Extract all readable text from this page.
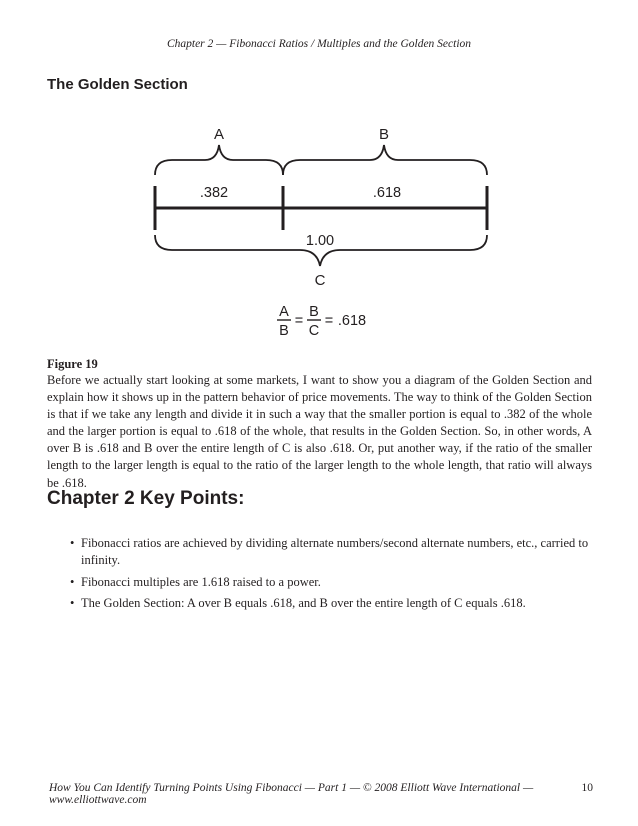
Chapter 2 — Fibonacci Ratios / Multiples and the Golden Section
The Golden Section
A	B
.382	.618
1.00
C
A
B
=
B
C
= .618
Figure 19

Before we actually start looking at some markets, I want to show you a diagram of the Golden Section and explain how it shows up in the pattern behavior of price movements. The way to think of the Golden Section is that if we take any length and divide it in such a way that the smaller portion is equal to .382 of the whole and the larger portion is equal to .618 of the whole, that results in the Golden Section. So, in other words, A over B is .618 and B over the entire length of C is also .618. Or, put another way, if the ratio of the smaller length to the larger length is equal to the ratio of the larger length to the whole length, that ratio will always be .618.

Chapter 2 Key Points:
• Fibonacci ratios are achieved by dividing alternate numbers/second alternate numbers, etc., carried to infinity.
• Fibonacci multiples are 1.618 raised to a power.
• The Golden Section: A over B equals .618, and B over the entire length of C equals .618.
How You Can Identify Turning Points Using Fibonacci — Part 1 — © 2008 Elliott Wave International — www.elliottwave.com
10
